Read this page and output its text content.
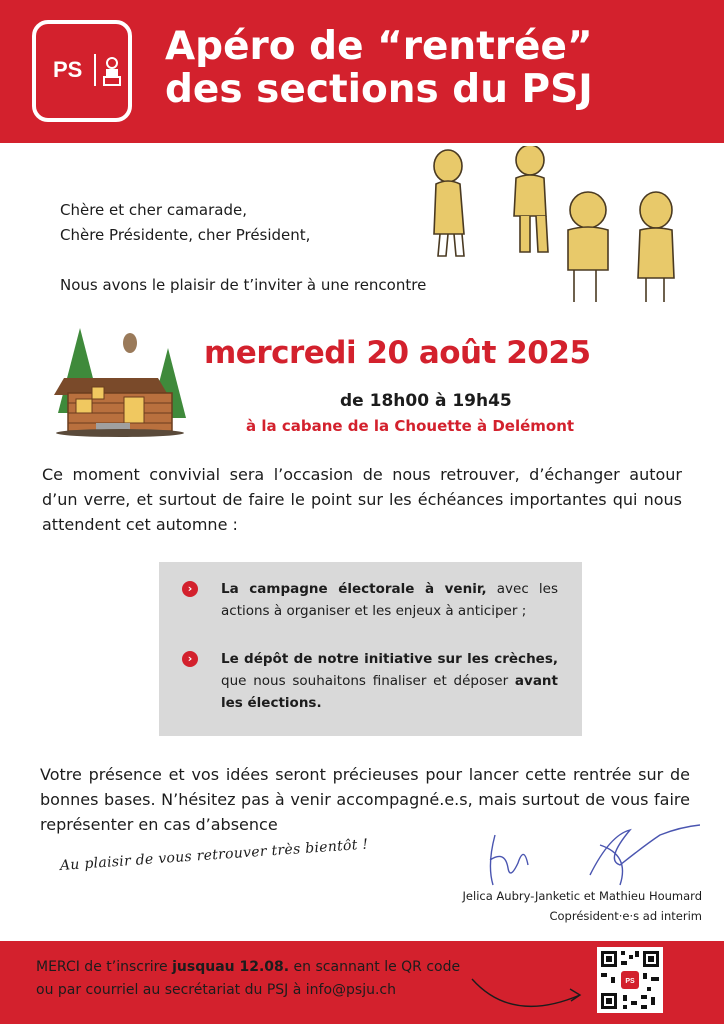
PS
Apéro de “rentrée”
des sections du PSJ
Chère et cher camarade,
Chère Présidente, cher Président,
Nous avons le plaisir de t’inviter à une rencontre
mercredi 20 août 2025
de 18h00 à 19h45
à la cabane de la Chouette à Delémont
Ce moment convivial sera l’occasion de nous retrouver, d’échanger autour d’un verre, et surtout de faire le point sur les échéances importantes qui nous attendent cet automne :
›	La campagne électorale à venir, avec les actions à organiser et les enjeux à anticiper ;
›	Le dépôt de notre initiative sur les crèches, que nous souhaitons finaliser et déposer avant les élections.
Votre présence et vos idées seront précieuses pour lancer cette rentrée sur de bonnes bases. N’hésitez pas à venir accompagné.e.s, mais surtout de vous faire représenter en cas d’absence
Au plaisir de vous retrouver très bientôt !
Jelica Aubry-Janketic et Mathieu Houmard
Coprésident·e·s ad interim
MERCI de t’inscrire jusquau 12.08. en scannant le QR code
ou par courriel au secrétariat du PSJ à info@psju.ch
PS
